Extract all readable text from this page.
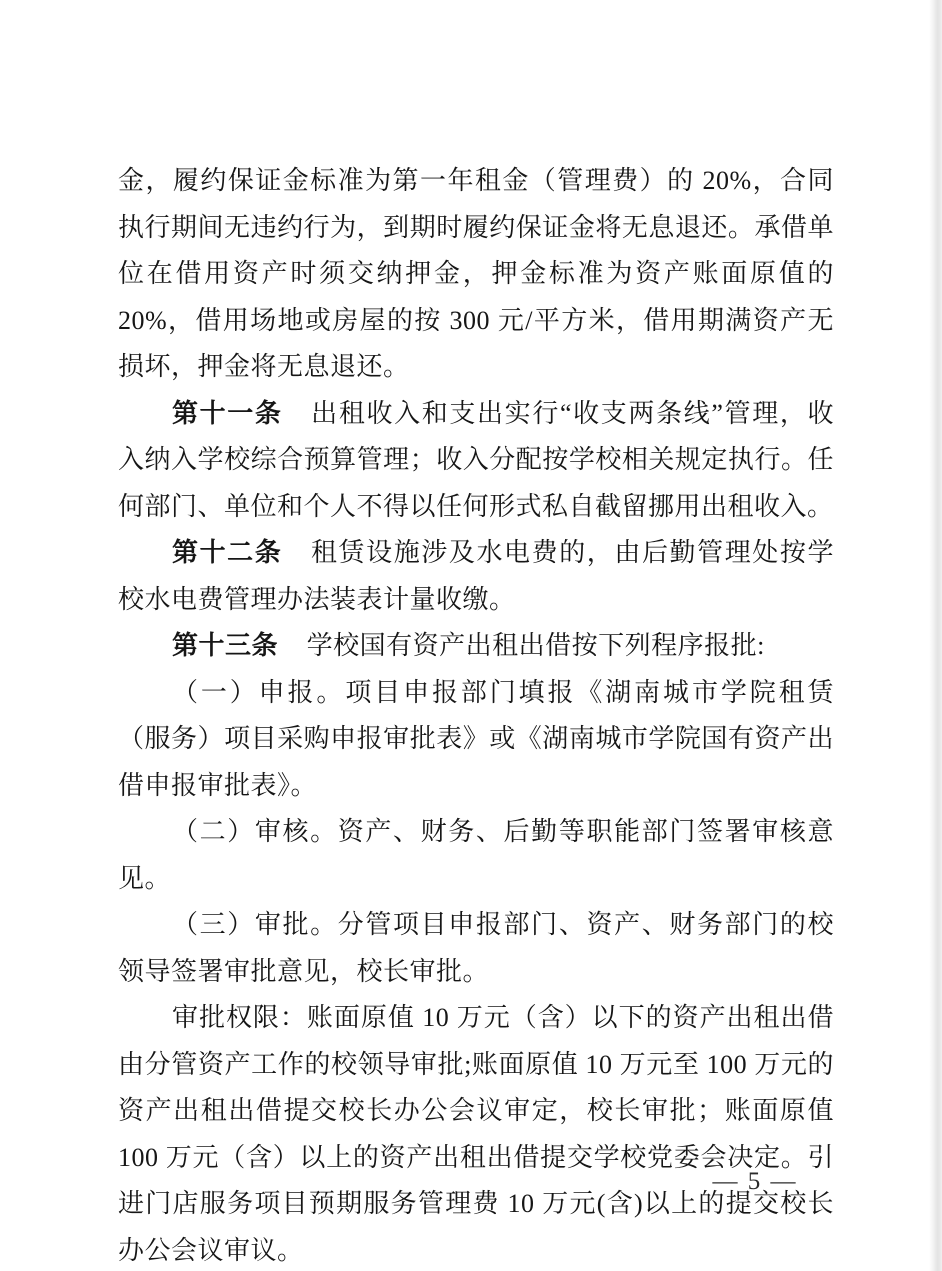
金，履约保证金标准为第一年租金（管理费）的 20%，合同执行期间无违约行为，到期时履约保证金将无息退还。承借单位在借用资产时须交纳押金，押金标准为资产账面原值的 20%，借用场地或房屋的按 300 元/平方米，借用期满资产无损坏，押金将无息退还。

第十一条 出租收入和支出实行“收支两条线”管理，收入纳入学校综合预算管理；收入分配按学校相关规定执行。任何部门、单位和个人不得以任何形式私自截留挪用出租收入。

第十二条 租赁设施涉及水电费的，由后勤管理处按学校水电费管理办法装表计量收缴。

第十三条 学校国有资产出租出借按下列程序报批:

（一）申报。项目申报部门填报《湖南城市学院租赁（服务）项目采购申报审批表》或《湖南城市学院国有资产出借申报审批表》。

（二）审核。资产、财务、后勤等职能部门签署审核意见。

（三）审批。分管项目申报部门、资产、财务部门的校领导签署审批意见，校长审批。

审批权限：账面原值 10 万元（含）以下的资产出租出借由分管资产工作的校领导审批;账面原值 10 万元至 100 万元的资产出租出借提交校长办公会议审定，校长审批；账面原值 100 万元（含）以上的资产出租出借提交学校党委会决定。引进门店服务项目预期服务管理费 10 万元(含)以上的提交校长办公会议审议。

— 5 —
